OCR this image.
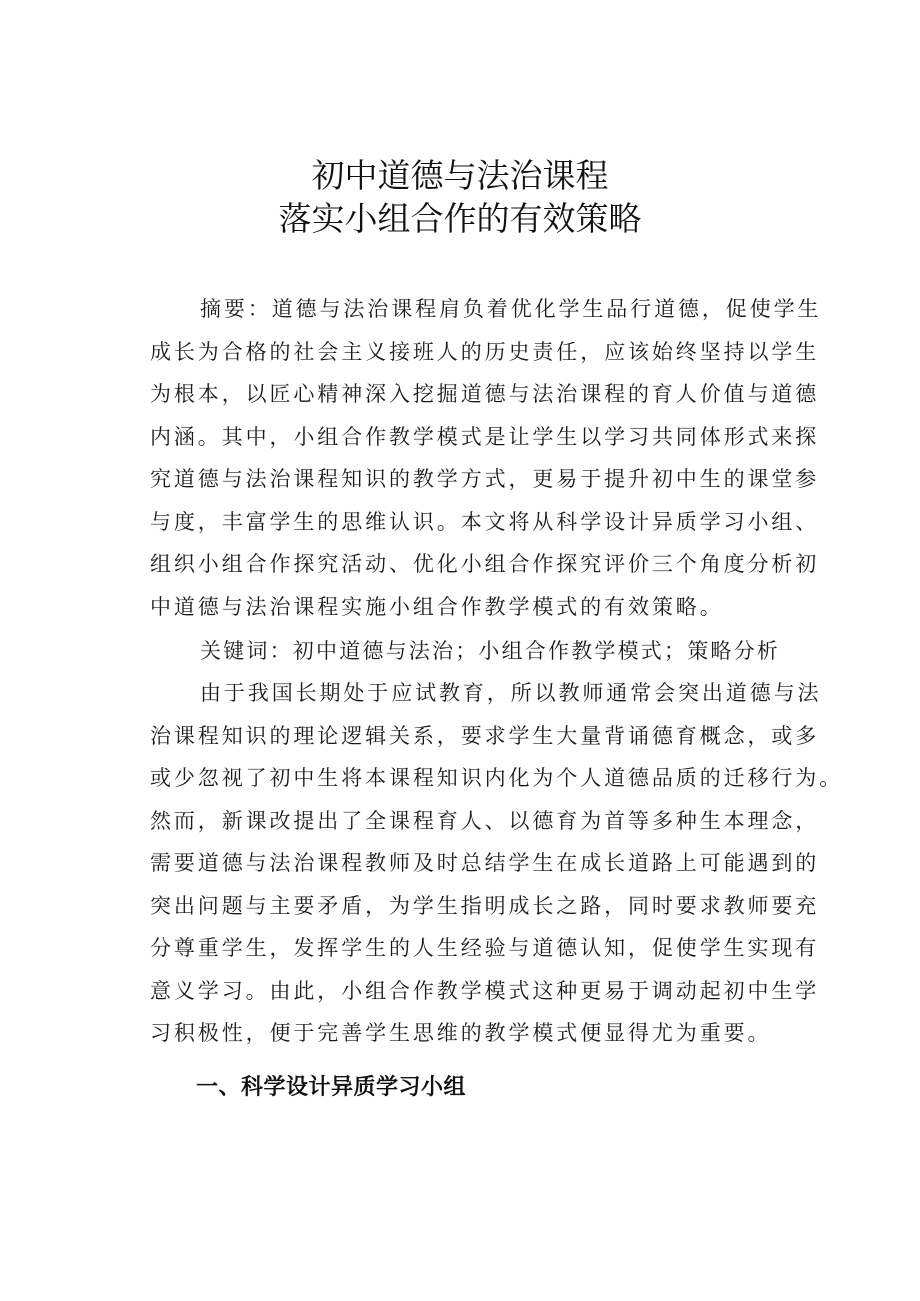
初中道德与法治课程
落实小组合作的有效策略
摘要：道德与法治课程肩负着优化学生品行道德，促使学生
成长为合格的社会主义接班人的历史责任，应该始终坚持以学生
为根本，以匠心精神深入挖掘道德与法治课程的育人价值与道德
内涵。其中，小组合作教学模式是让学生以学习共同体形式来探
究道德与法治课程知识的教学方式，更易于提升初中生的课堂参
与度，丰富学生的思维认识。本文将从科学设计异质学习小组、
组织小组合作探究活动、优化小组合作探究评价三个角度分析初
中道德与法治课程实施小组合作教学模式的有效策略。
关键词：初中道德与法治；小组合作教学模式；策略分析
由于我国长期处于应试教育，所以教师通常会突出道德与法
治课程知识的理论逻辑关系，要求学生大量背诵德育概念，或多
或少忽视了初中生将本课程知识内化为个人道德品质的迁移行为。
然而，新课改提出了全课程育人、以德育为首等多种生本理念，
需要道德与法治课程教师及时总结学生在成长道路上可能遇到的
突出问题与主要矛盾，为学生指明成长之路，同时要求教师要充
分尊重学生，发挥学生的人生经验与道德认知，促使学生实现有
意义学习。由此，小组合作教学模式这种更易于调动起初中生学
习积极性，便于完善学生思维的教学模式便显得尤为重要。
一、科学设计异质学习小组
